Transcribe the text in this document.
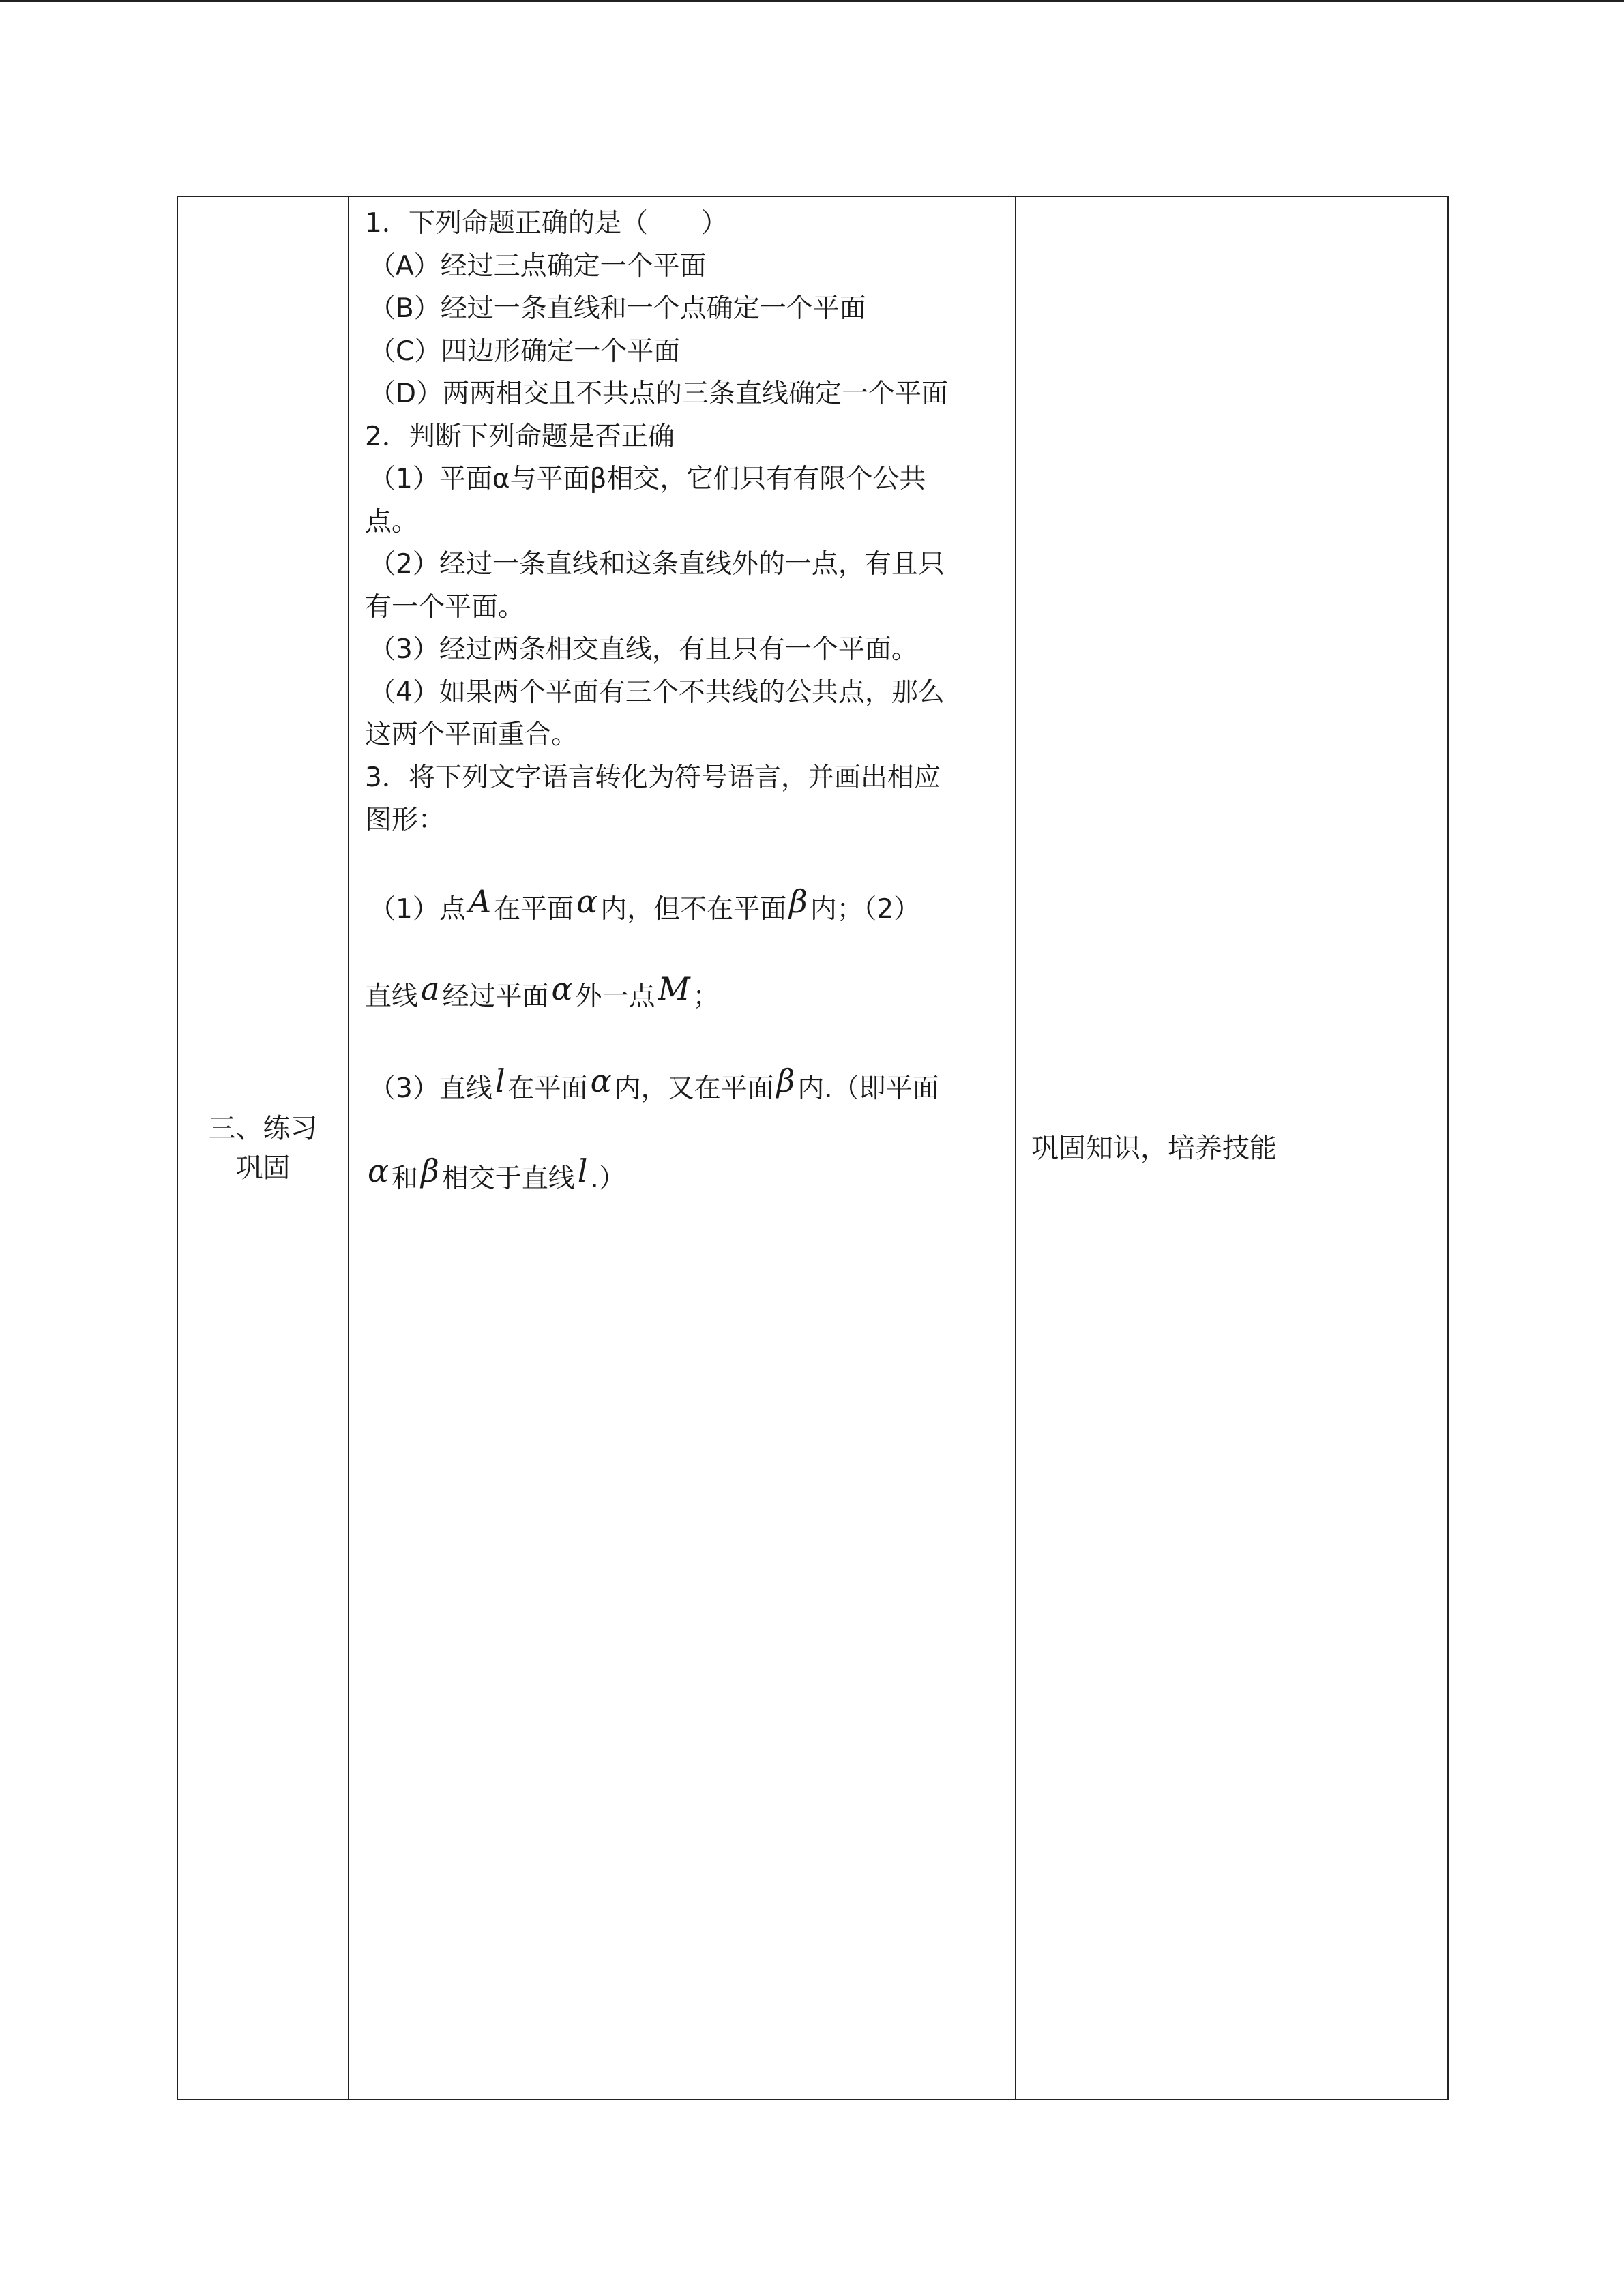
三、练习
巩固
1．下列命题正确的是（　　）
（A）经过三点确定一个平面
（B）经过一条直线和一个点确定一个平面
（C）四边形确定一个平面
（D）两两相交且不共点的三条直线确定一个平面
2．判断下列命题是否正确
（1）平面α与平面β相交，它们只有有限个公共
点。
（2）经过一条直线和这条直线外的一点，有且只
有一个平面。
（3）经过两条相交直线，有且只有一个平面。
（4）如果两个平面有三个不共线的公共点，那么
这两个平面重合。
3．将下列文字语言转化为符号语言，并画出相应
图形：
（1）点A 在平面α 内，但不在平面β 内；（2）
直线a 经过平面α 外一点M ；
（3）直线l 在平面α 内，又在平面β 内.（即平面
α 和β 相交于直线l .）
巩固知识，培养技能
